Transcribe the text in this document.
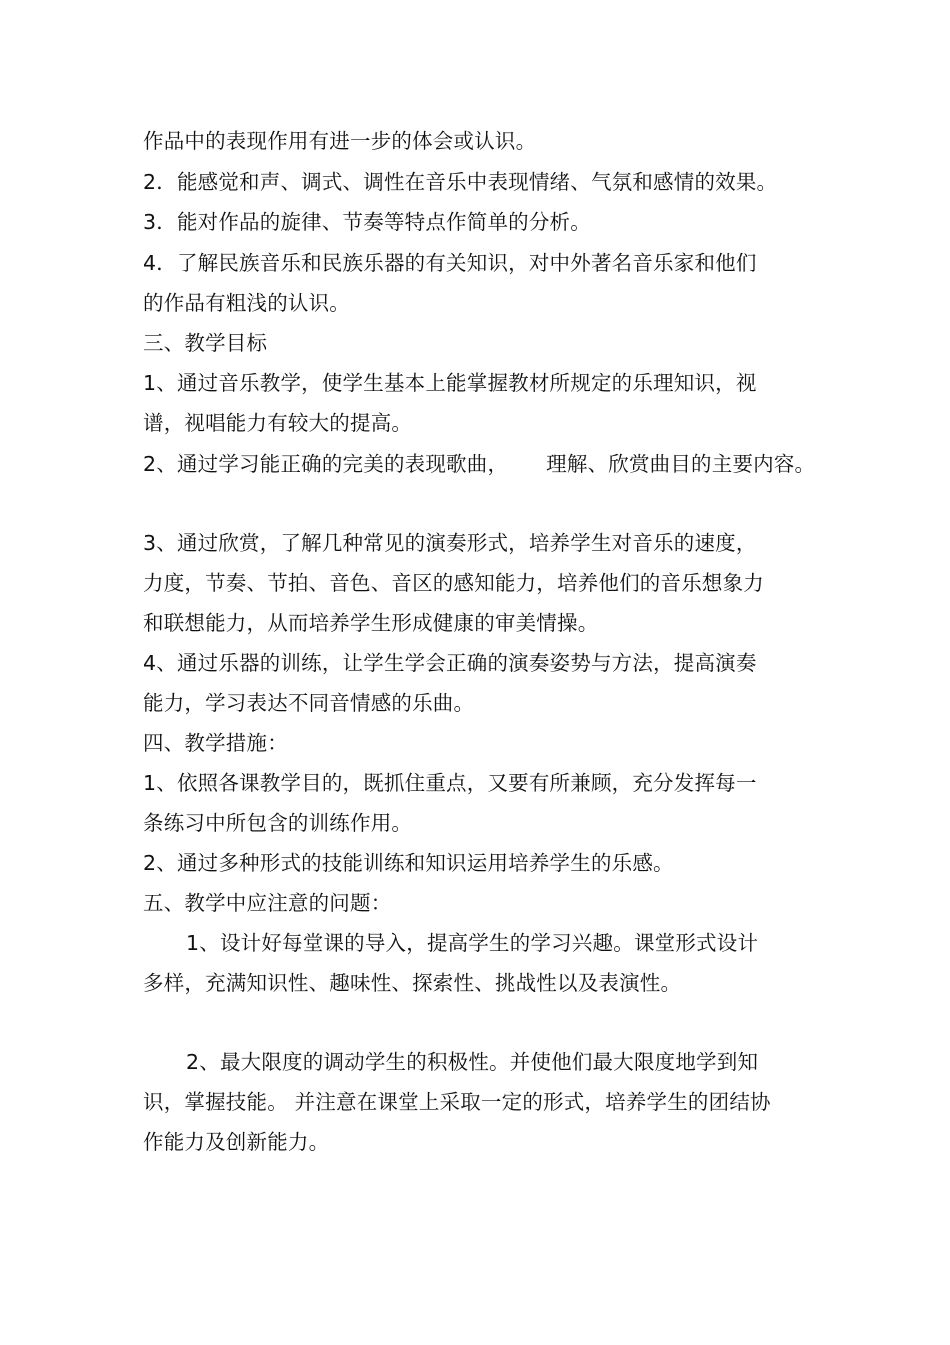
作品中的表现作用有进一步的体会或认识。
2．能感觉和声、调式、调性在音乐中表现情绪、气氛和感情的效果。
3．能对作品的旋律、节奏等特点作简单的分析。
4．了解民族音乐和民族乐器的有关知识，对中外著名音乐家和他们
的作品有粗浅的认识。
三、教学目标
1、通过音乐教学，使学生基本上能掌握教材所规定的乐理知识，视
谱，视唱能力有较大的提高。
2、通过学习能正确的完美的表现歌曲， 理解、欣赏曲目的主要内容。
3、通过欣赏，了解几种常见的演奏形式，培养学生对音乐的速度，
力度，节奏、节拍、音色、音区的感知能力，培养他们的音乐想象力
和联想能力，从而培养学生形成健康的审美情操。
4、通过乐器的训练，让学生学会正确的演奏姿势与方法，提高演奏
能力，学习表达不同音情感的乐曲。
四、教学措施：
1、依照各课教学目的，既抓住重点，又要有所兼顾，充分发挥每一
条练习中所包含的训练作用。
2、通过多种形式的技能训练和知识运用培养学生的乐感。
五、教学中应注意的问题：
1、设计好每堂课的导入，提高学生的学习兴趣。课堂形式设计
多样，充满知识性、趣味性、探索性、挑战性以及表演性。
2、最大限度的调动学生的积极性。并使他们最大限度地学到知
识，掌握技能。 并注意在课堂上采取一定的形式，培养学生的团结协
作能力及创新能力。
